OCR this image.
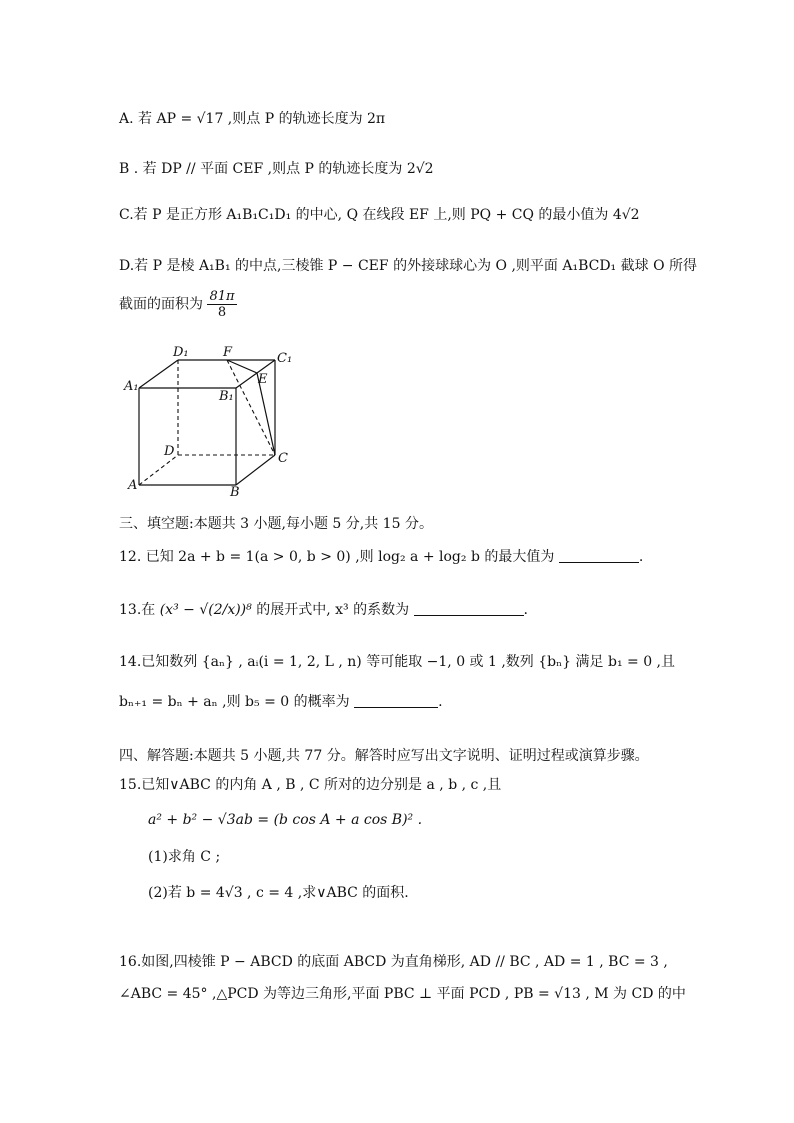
A. 若 AP = √17 ,则点 P 的轨迹长度为 2π
B . 若 DP // 平面 CEF ,则点 P 的轨迹长度为 2√2
C.若 P 是正方形 A₁B₁C₁D₁ 的中心, Q 在线段 EF 上,则 PQ + CQ 的最小值为 4√2
D.若 P 是棱 A₁B₁ 的中点,三棱锥 P − CEF 的外接球球心为 O ,则平面 A₁BCD₁ 截球 O 所得
截面的面积为 $\frac{81\pi}{8}$
D₁	F	C₁
A₁	E
B₁
D	C
A	B
三、填空题:本题共 3 小题,每小题 5 分,共 15 分。
12. 已知 2a + b = 1(a > 0, b > 0) ,则 log₂ a + log₂ b 的最大值为	.
13.在 (x³ − √(2/x))⁸ 的展开式中, x³ 的系数为	.
14.已知数列 {aₙ} , aᵢ(i = 1, 2, L , n) 等可能取 −1, 0 或 1 ,数列 {bₙ} 满足 b₁ = 0 ,且
bₙ₊₁ = bₙ + aₙ ,则 b₅ = 0 的概率为	.
四、解答题:本题共 5 小题,共 77 分。解答时应写出文字说明、证明过程或演算步骤。
15.已知∨ABC 的内角 A , B , C 所对的边分别是 a , b , c ,且
a² + b² − √3ab = (b cos A + a cos B)² .
(1)求角 C ;
(2)若 b = 4√3 , c = 4 ,求∨ABC 的面积.
16.如图,四棱锥 P − ABCD 的底面 ABCD 为直角梯形, AD // BC , AD = 1 , BC = 3 ,
∠ABC = 45° ,△PCD 为等边三角形,平面 PBC ⊥ 平面 PCD , PB = √13 , M 为 CD 的中
